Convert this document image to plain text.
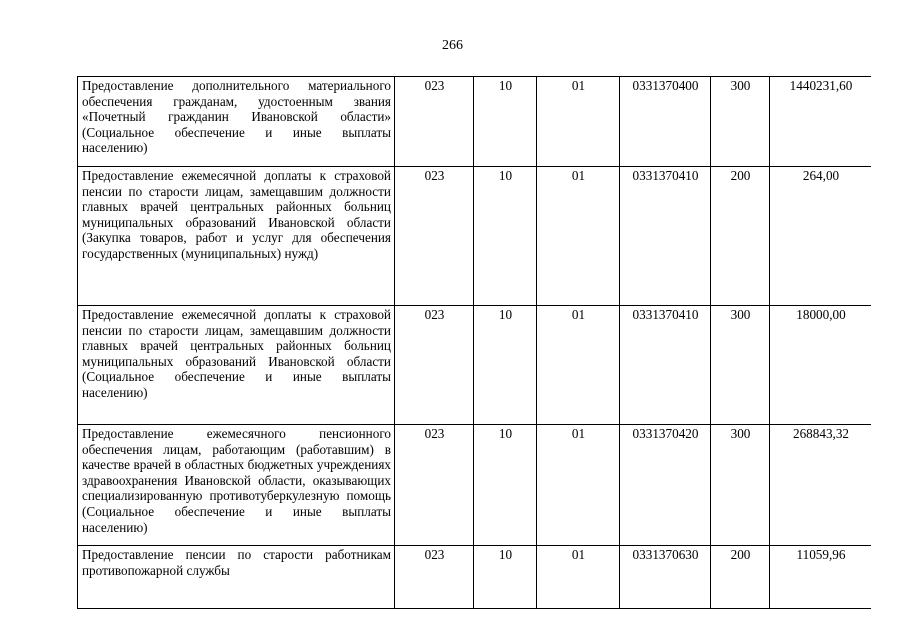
266
Предоставление дополнительного материального обеспечения гражданам, удостоенным звания «Почетный гражданин Ивановской области» (Социальное обеспечение и иные выплаты населению)	023	10	01	0331370400	300	1440231,60
Предоставление ежемесячной доплаты к страховой пенсии по старости лицам, замещавшим должности главных врачей центральных районных больниц муниципальных образований Ивановской области (Закупка товаров, работ и услуг для обеспечения государственных (муниципальных) нужд)	023	10	01	0331370410	200	264,00
Предоставление ежемесячной доплаты к страховой пенсии по старости лицам, замещавшим должности главных врачей центральных районных больниц муниципальных образований Ивановской области (Социальное обеспечение и иные выплаты населению)	023	10	01	0331370410	300	18000,00
Предоставление ежемесячного пенсионного обеспечения лицам, работающим (работавшим) в качестве врачей в областных бюджетных учреждениях здравоохранения Ивановской области, оказывающих специализированную противотуберкулезную помощь (Социальное обеспечение и иные выплаты населению)	023	10	01	0331370420	300	268843,32
Предоставление пенсии по старости работникам противопожарной службы	023	10	01	0331370630	200	11059,96
